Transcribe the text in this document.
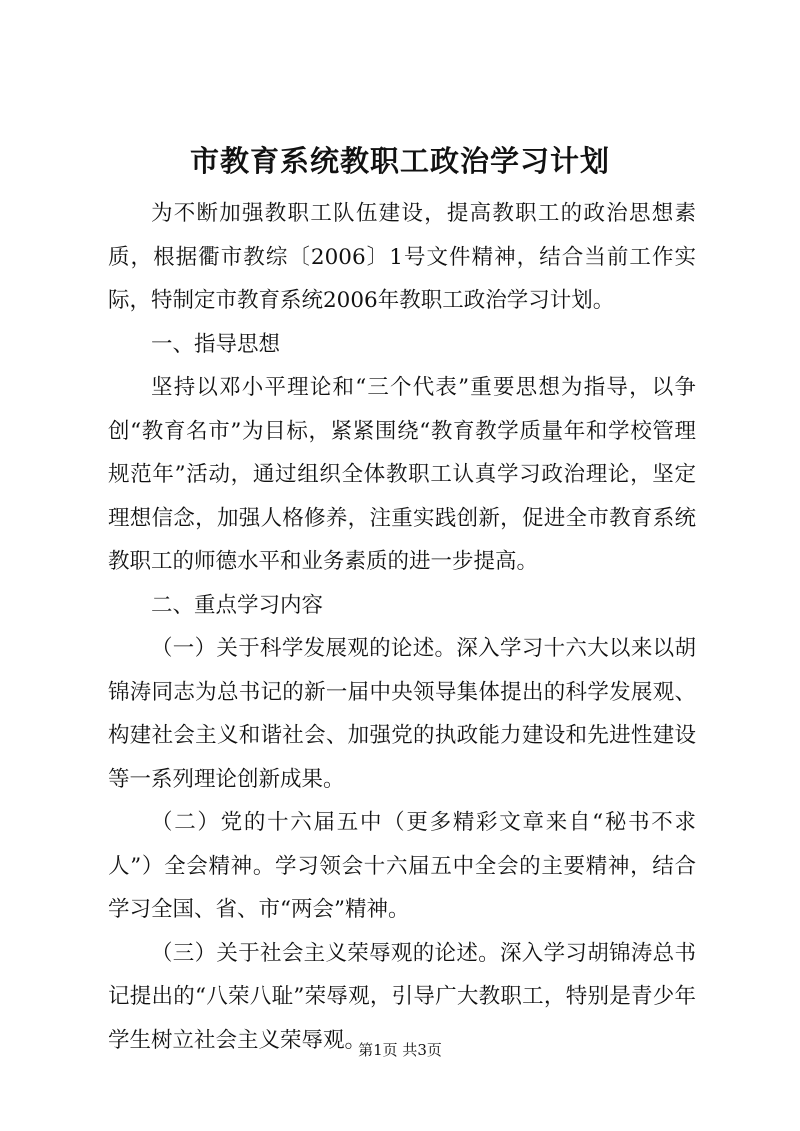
市教育系统教职工政治学习计划

为不断加强教职工队伍建设，提高教职工的政治思想素质，根据衢市教综〔2006〕1号文件精神，结合当前工作实际，特制定市教育系统2006年教职工政治学习计划。

一、指导思想

坚持以邓小平理论和“三个代表”重要思想为指导，以争创“教育名市”为目标，紧紧围绕“教育教学质量年和学校管理规范年”活动，通过组织全体教职工认真学习政治理论，坚定理想信念，加强人格修养，注重实践创新，促进全市教育系统教职工的师德水平和业务素质的进一步提高。

二、重点学习内容

（一）关于科学发展观的论述。深入学习十六大以来以胡锦涛同志为总书记的新一届中央领导集体提出的科学发展观、构建社会主义和谐社会、加强党的执政能力建设和先进性建设等一系列理论创新成果。

（二）党的十六届五中（更多精彩文章来自“秘书不求人”）全会精神。学习领会十六届五中全会的主要精神，结合学习全国、省、市“两会”精神。

（三）关于社会主义荣辱观的论述。深入学习胡锦涛总书记提出的“八荣八耻”荣辱观，引导广大教职工，特别是青少年学生树立社会主义荣辱观。

第1页 共3页
